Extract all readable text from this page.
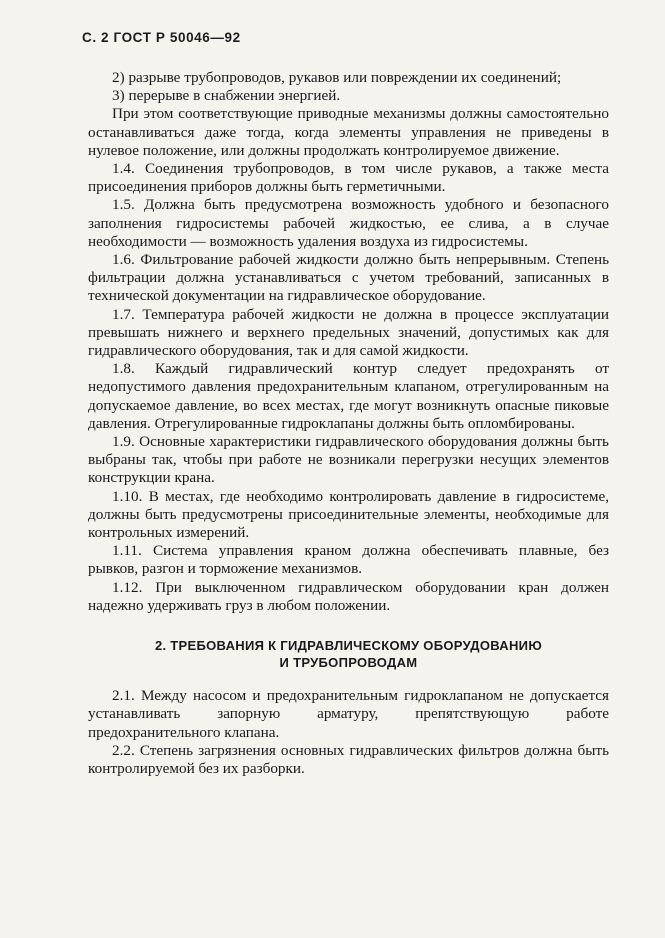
С. 2 ГОСТ Р 50046—92

2) разрыве трубопроводов, рукавов или повреждении их соединений;

3) перерыве в снабжении энергией.

При этом соответствующие приводные механизмы должны самостоятельно останавливаться даже тогда, когда элементы управления не приведены в нулевое положение, или должны продолжать контролируемое движение.

1.4. Соединения трубопроводов, в том числе рукавов, а также места присоединения приборов должны быть герметичными.

1.5. Должна быть предусмотрена возможность удобного и безопасного заполнения гидросистемы рабочей жидкостью, ее слива, а в случае необходимости — возможность удаления воздуха из гидросистемы.

1.6. Фильтрование рабочей жидкости должно быть непрерывным. Степень фильтрации должна устанавливаться с учетом требований, записанных в технической документации на гидравлическое оборудование.

1.7. Температура рабочей жидкости не должна в процессе эксплуатации превышать нижнего и верхнего предельных значений, допустимых как для гидравлического оборудования, так и для самой жидкости.

1.8. Каждый гидравлический контур следует предохранять от недопустимого давления предохранительным клапаном, отрегулированным на допускаемое давление, во всех местах, где могут возникнуть опасные пиковые давления. Отрегулированные гидроклапаны должны быть опломбированы.

1.9. Основные характеристики гидравлического оборудования должны быть выбраны так, чтобы при работе не возникали перегрузки несущих элементов конструкции крана.

1.10. В местах, где необходимо контролировать давление в гидросистеме, должны быть предусмотрены присоединительные элементы, необходимые для контрольных измерений.

1.11. Система управления краном должна обеспечивать плавные, без рывков, разгон и торможение механизмов.

1.12. При выключенном гидравлическом оборудовании кран должен надежно удерживать груз в любом положении.

2. ТРЕБОВАНИЯ К ГИДРАВЛИЧЕСКОМУ ОБОРУДОВАНИЮ
И ТРУБОПРОВОДАМ

2.1. Между насосом и предохранительным гидроклапаном не допускается устанавливать запорную арматуру, препятствующую работе предохранительного клапана.

2.2. Степень загрязнения основных гидравлических фильтров должна быть контролируемой без их разборки.
